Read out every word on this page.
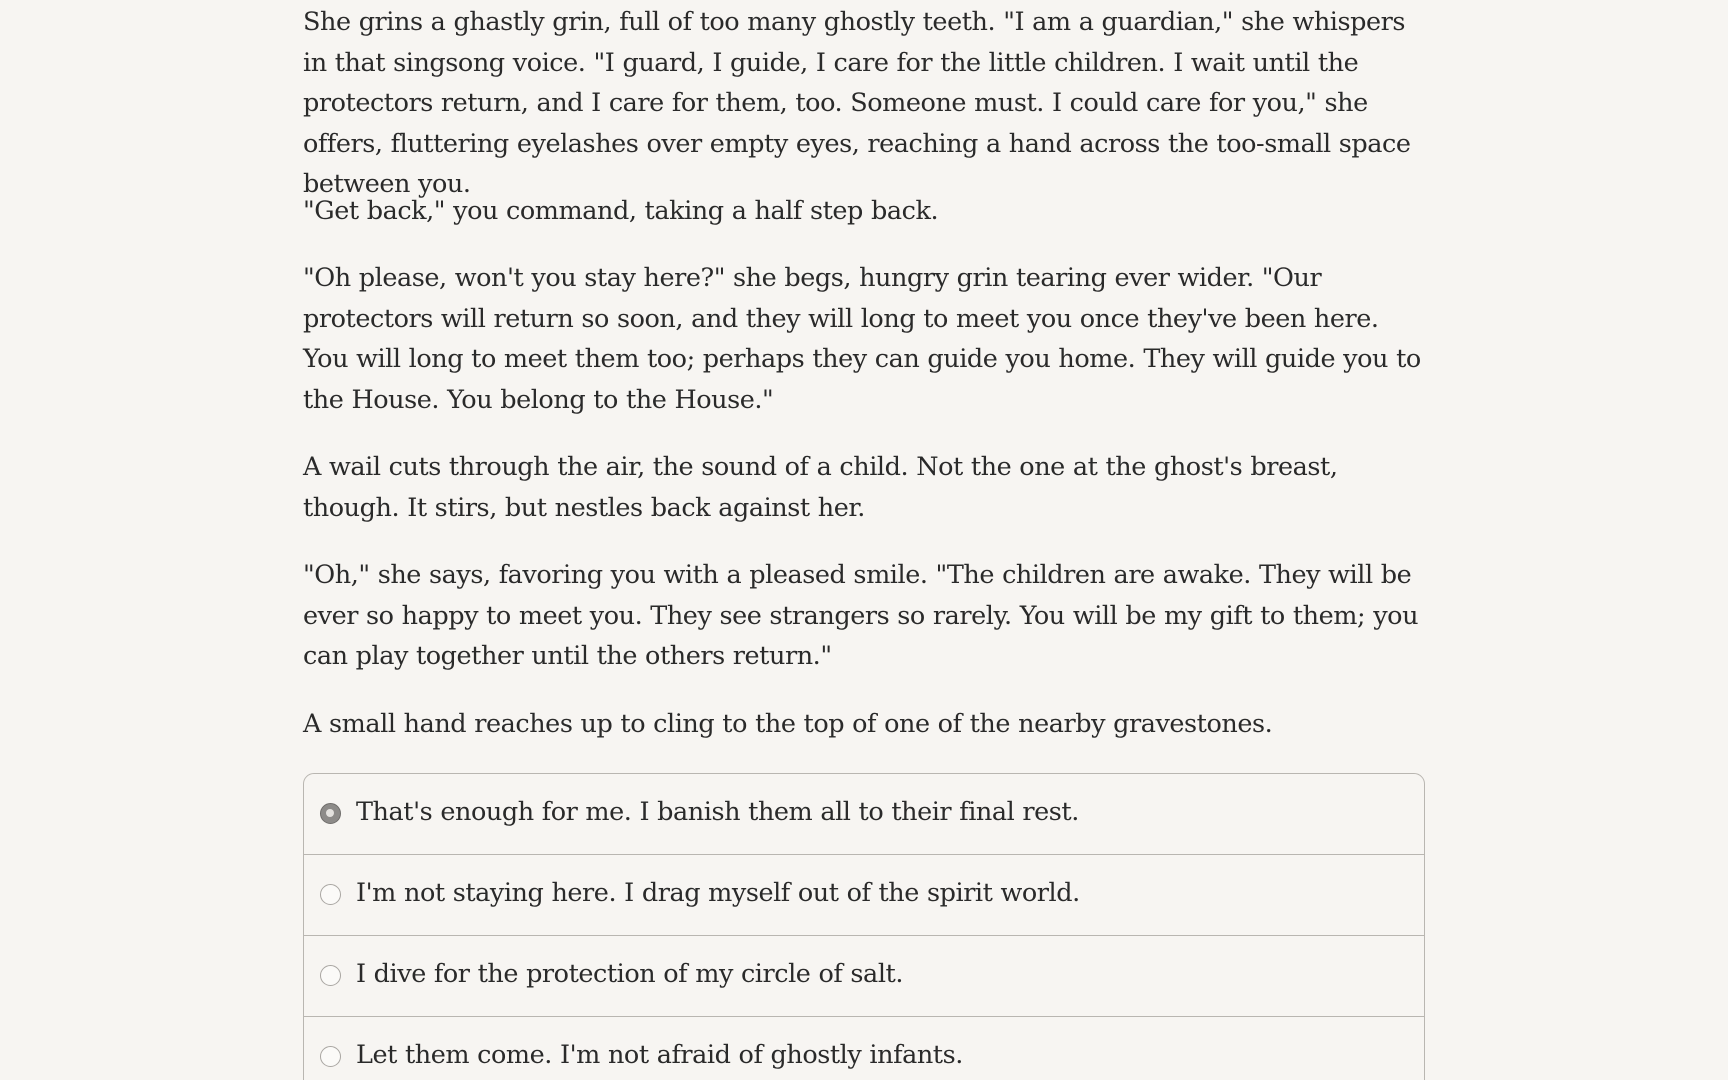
She grins a ghastly grin, full of too many ghostly teeth. "I am a guardian," she whispers in that singsong voice. "I guard, I guide, I care for the little children. I wait until the protectors return, and I care for them, too. Someone must. I could care for you," she offers, fluttering eyelashes over empty eyes, reaching a hand across the too-small space between you.

"Get back," you command, taking a half step back.

"Oh please, won't you stay here?" she begs, hungry grin tearing ever wider. "Our protectors will return so soon, and they will long to meet you once they've been here. You will long to meet them too; perhaps they can guide you home. They will guide you to the House. You belong to the House."

A wail cuts through the air, the sound of a child. Not the one at the ghost's breast, though. It stirs, but nestles back against her.

"Oh," she says, favoring you with a pleased smile. "The children are awake. They will be ever so happy to meet you. They see strangers so rarely. You will be my gift to them; you can play together until the others return."

A small hand reaches up to cling to the top of one of the nearby gravestones.

That's enough for me. I banish them all to their final rest.
I'm not staying here. I drag myself out of the spirit world.
I dive for the protection of my circle of salt.
Let them come. I'm not afraid of ghostly infants.
